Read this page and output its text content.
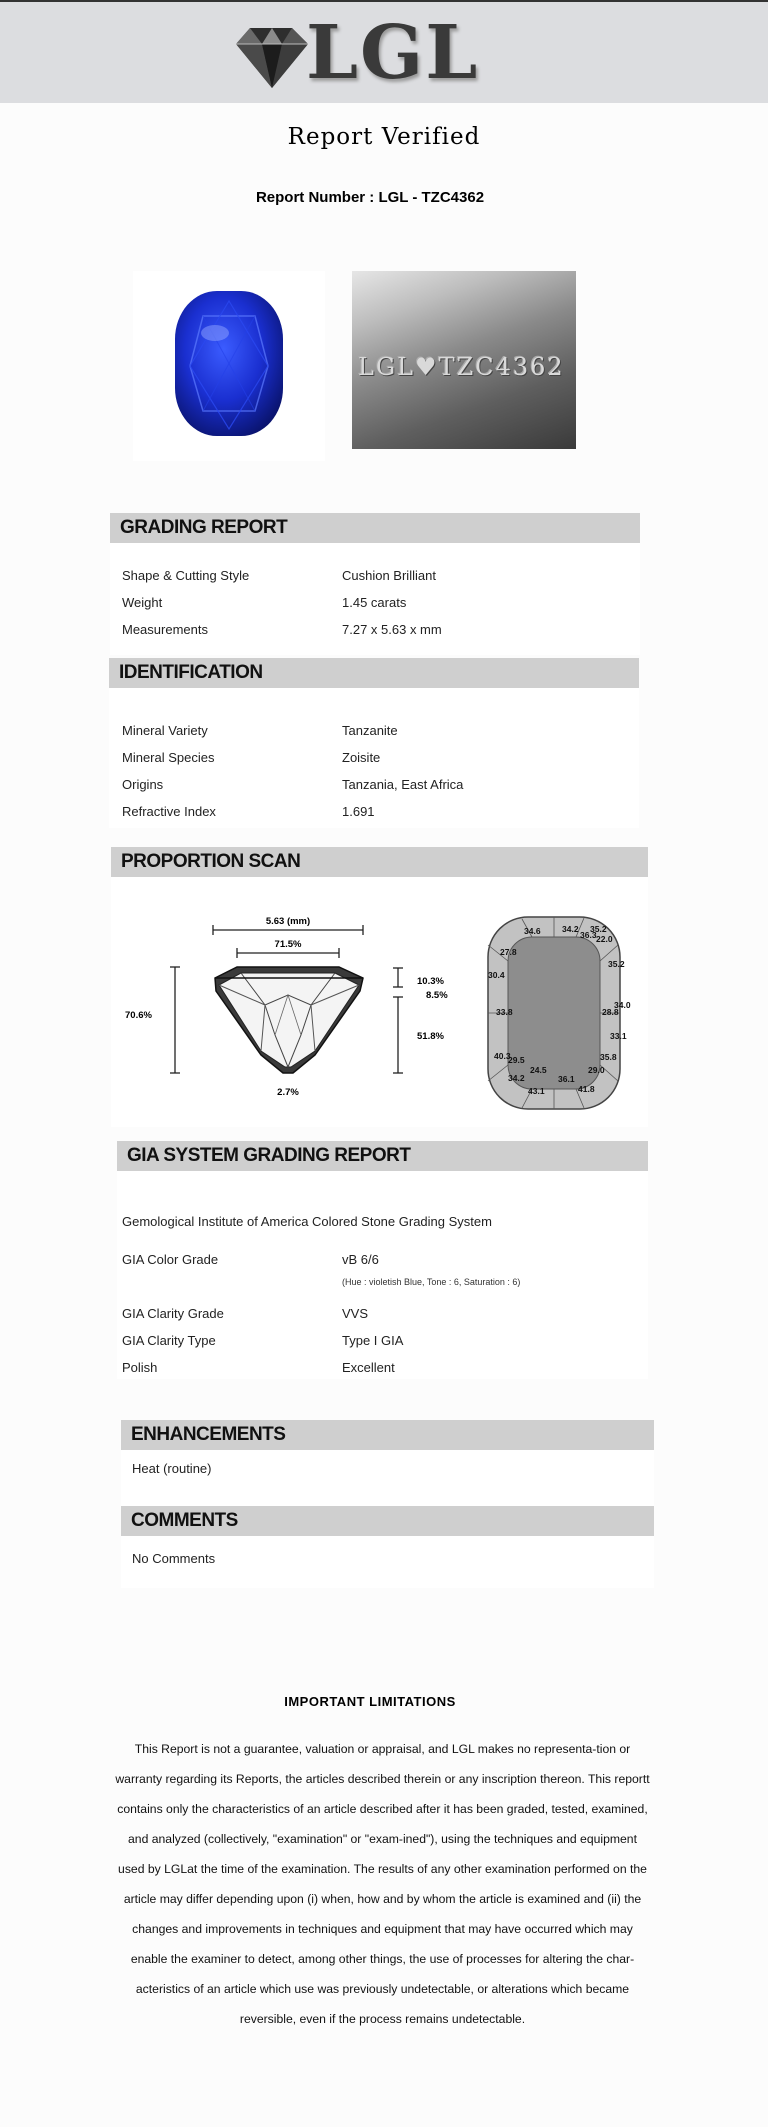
LGL
Report Verified
Report Number : LGL - TZC4362
LGL♥TZC4362
GRADING REPORT
Shape & Cutting Style	Cushion Brilliant
Weight	1.45 carats
Measurements	7.27 x 5.63 x mm
IDENTIFICATION
Mineral Variety	Tanzanite
Mineral Species	Zoisite
Origins	Tanzania, East Africa
Refractive Index	1.691
PROPORTION SCAN
5.63 (mm)
71.5%
70.6%
10.3%
8.5%
51.8%
2.7%
34.6	34.2 35.2
36.3 22.0
27.8
35.2
30.4
33.8	28.8
34.0
33.1
40.3	35.8
29.5
24.5	29.0
34.2	36.1
43.1	41.8
GIA SYSTEM GRADING REPORT
Gemological Institute of America Colored Stone Grading System
GIA Color Grade	vB 6/6
(Hue : violetish Blue, Tone : 6, Saturation : 6)
GIA Clarity Grade	VVS
GIA Clarity Type	Type I GIA
Polish	Excellent
ENHANCEMENTS
Heat (routine)
COMMENTS
No Comments
IMPORTANT LIMITATIONS
This Report is not a guarantee, valuation or appraisal, and LGL makes no representa-tion or warranty regarding its Reports, the articles described therein or any inscription thereon. This reportt contains only the characteristics of an article described after it has been graded, tested, examined, and analyzed (collectively, "examination" or "exam-ined"), using the techniques and equipment used by LGLat the time of the examination. The results of any other examination performed on the article may differ depending upon (i) when, how and by whom the article is examined and (ii) the changes and improvements in techniques and equipment that may have occurred which may enable the examiner to detect, among other things, the use of processes for altering the char-acteristics of an article which use was previously undetectable, or alterations which became reversible, even if the process remains undetectable.
